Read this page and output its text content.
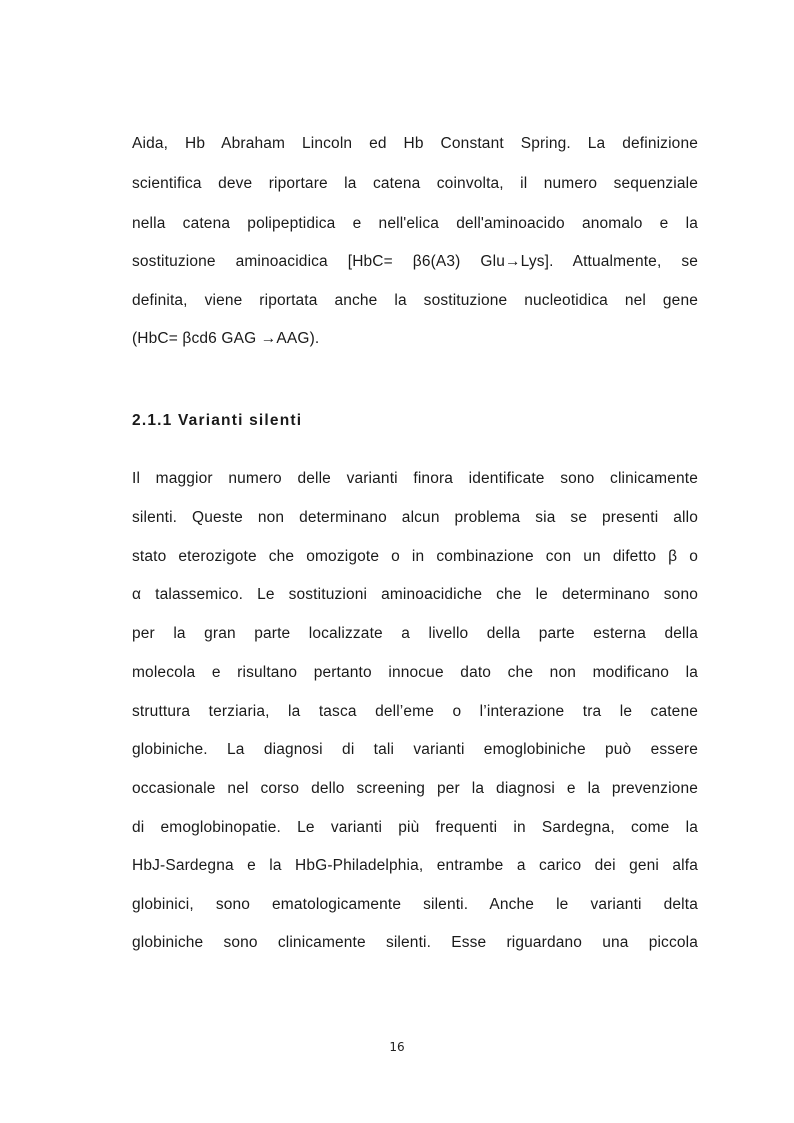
Aida, Hb Abraham Lincoln ed Hb Constant Spring. La definizione
scientifica deve riportare la catena coinvolta, il numero sequenziale
nella catena polipeptidica e nell'elica dell'aminoacido anomalo e la
sostituzione aminoacidica [HbC= β6(A3) Glu→Lys]. Attualmente, se
definita, viene riportata anche la sostituzione nucleotidica nel gene
(HbC= βcd6 GAG →AAG).
2.1.1 Varianti silenti
Il maggior numero delle varianti finora identificate sono clinicamente
silenti. Queste non determinano alcun problema sia se presenti allo
stato eterozigote che omozigote o in combinazione con un difetto β o
α talassemico. Le sostituzioni aminoacidiche che le determinano sono
per la gran parte localizzate a livello della parte esterna della
molecola e risultano pertanto innocue dato che non modificano la
struttura terziaria, la tasca dell’eme o l’interazione tra le catene
globiniche. La diagnosi di tali varianti emoglobiniche può essere
occasionale nel corso dello screening per la diagnosi e la prevenzione
di emoglobinopatie. Le varianti più frequenti in Sardegna, come la
HbJ-Sardegna e la HbG-Philadelphia, entrambe a carico dei geni alfa
globinici, sono ematologicamente silenti. Anche le varianti delta
globiniche sono clinicamente silenti. Esse riguardano una piccola
16
